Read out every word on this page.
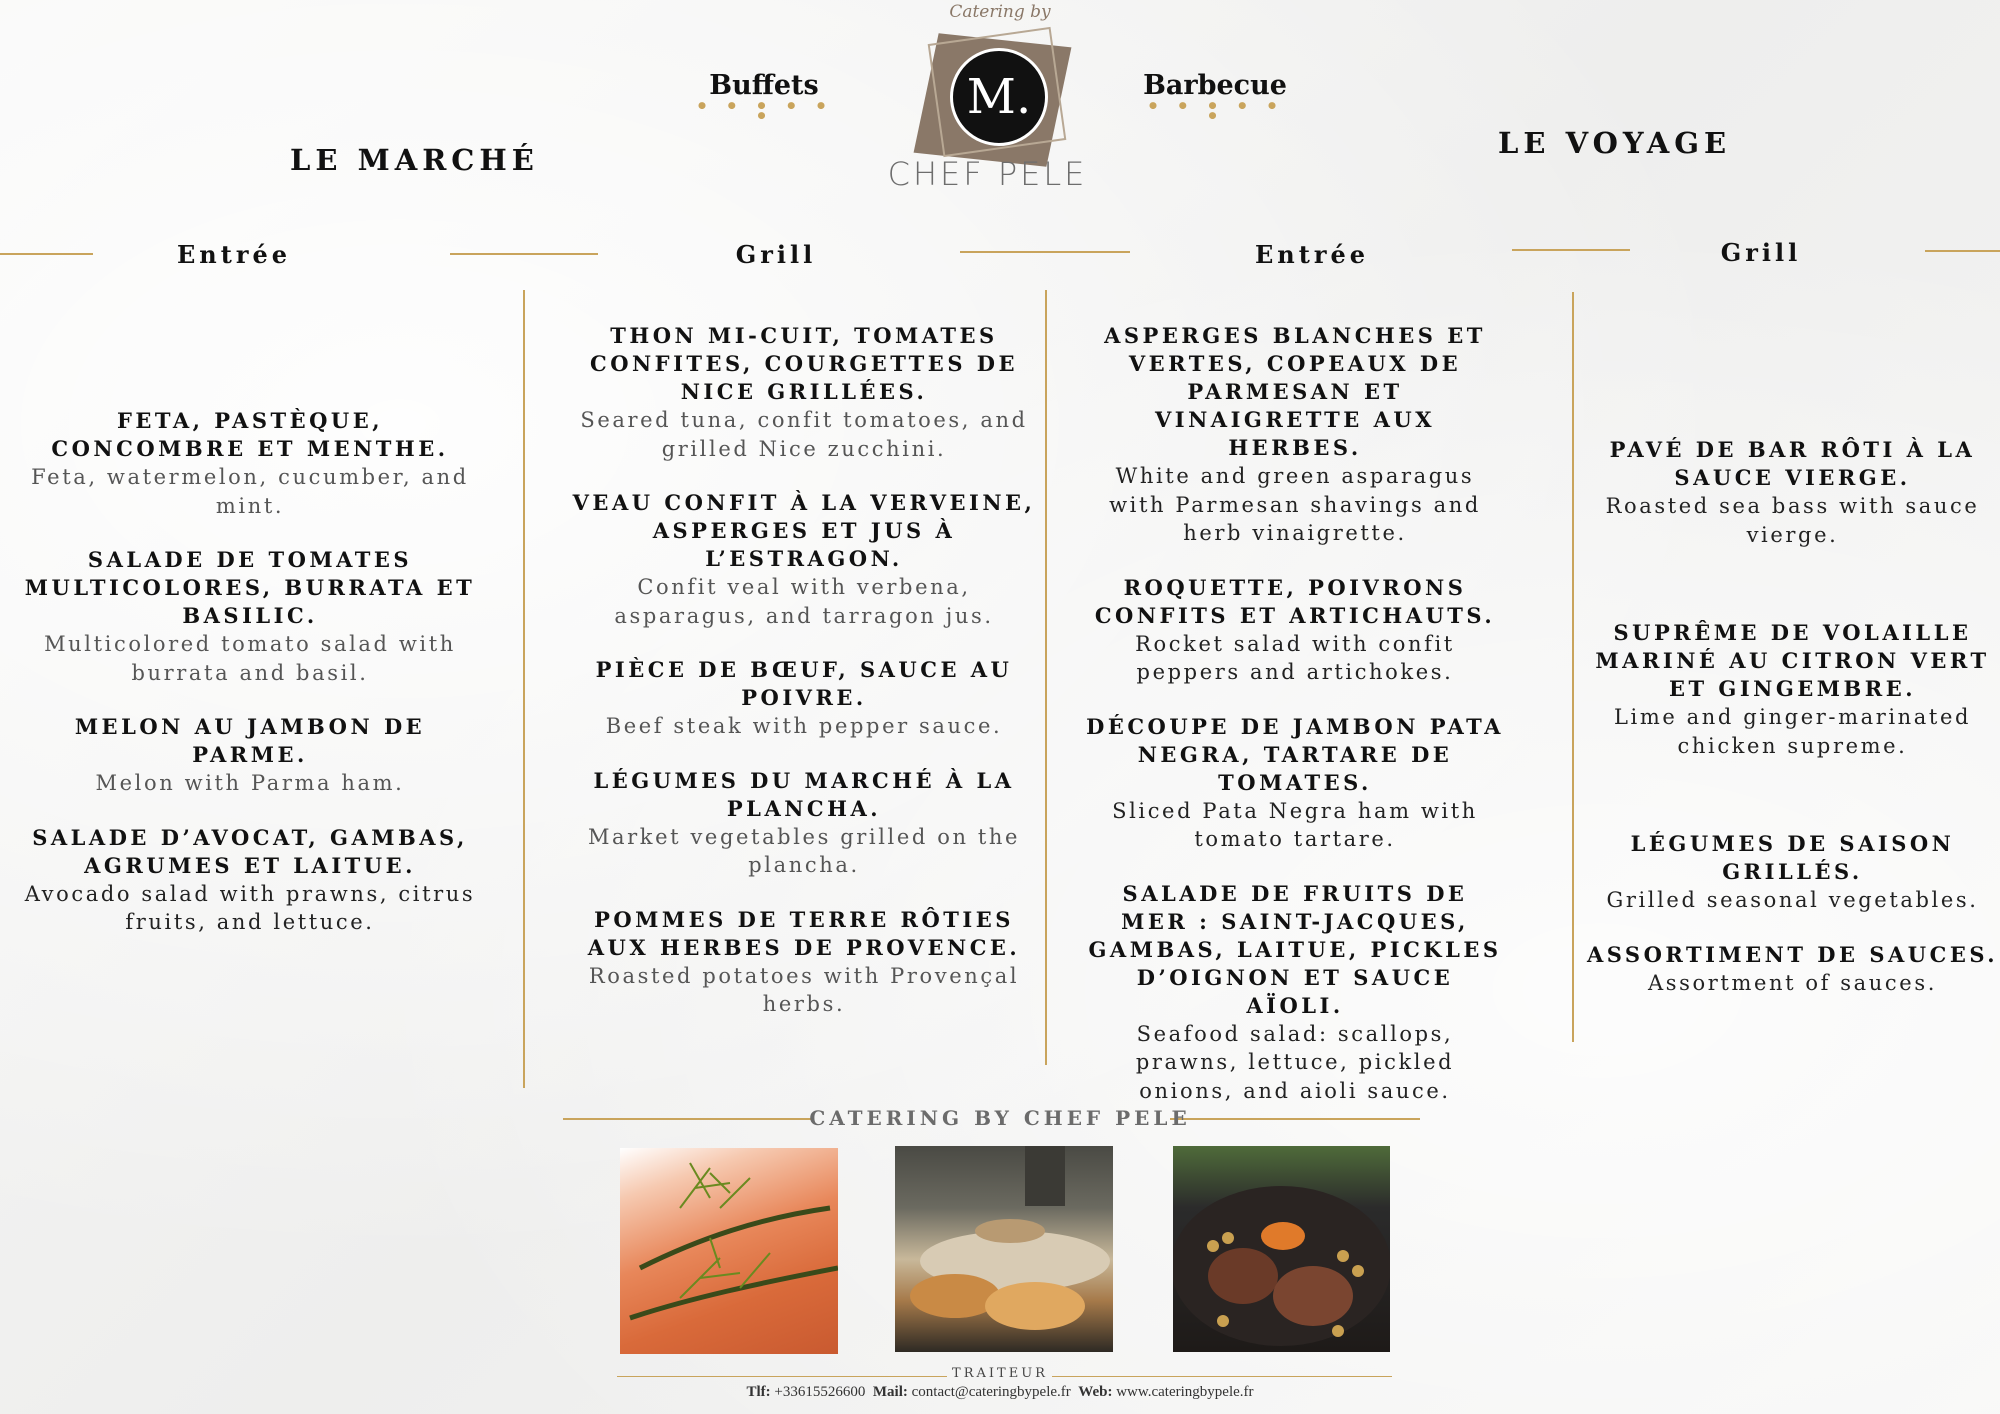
Buffets
• • • • • •
Barbecue
• • • • • •
Catering by
M.
CHEF PELE
LE MARCHÉ	LE VOYAGE
Entrée	Grill	Entrée	Grill
FETA, PASTÈQUE, CONCOMBRE ET MENTHE.
Feta, watermelon, cucumber, and mint.
SALADE DE TOMATES MULTICOLORES, BURRATA ET BASILIC.
Multicolored tomato salad with burrata and basil.
MELON AU JAMBON DE PARME.
Melon with Parma ham.
SALADE D’AVOCAT, GAMBAS, AGRUMES ET LAITUE.
Avocado salad with prawns, citrus fruits, and lettuce.
THON MI-CUIT, TOMATES CONFITES, COURGETTES DE NICE GRILLÉES.
Seared tuna, confit tomatoes, and grilled Nice zucchini.
VEAU CONFIT À LA VERVEINE, ASPERGES ET JUS À L’ESTRAGON.
Confit veal with verbena, asparagus, and tarragon jus.
PIÈCE DE BŒUF, SAUCE AU POIVRE.
Beef steak with pepper sauce.
LÉGUMES DU MARCHÉ À LA PLANCHA.
Market vegetables grilled on the plancha.
POMMES DE TERRE RÔTIES AUX HERBES DE PROVENCE.
Roasted potatoes with Provençal herbs.
ASPERGES BLANCHES ET VERTES, COPEAUX DE PARMESAN ET VINAIGRETTE AUX HERBES.
White and green asparagus with Parmesan shavings and herb vinaigrette.
ROQUETTE, POIVRONS CONFITS ET ARTICHAUTS.
Rocket salad with confit peppers and artichokes.
DÉCOUPE DE JAMBON PATA NEGRA, TARTARE DE TOMATES.
Sliced Pata Negra ham with tomato tartare.
SALADE DE FRUITS DE MER : SAINT-JACQUES, GAMBAS, LAITUE, PICKLES D’OIGNON ET SAUCE AÏOLI.
Seafood salad: scallops, prawns, lettuce, pickled onions, and aioli sauce.
PAVÉ DE BAR RÔTI À LA SAUCE VIERGE.
Roasted sea bass with sauce vierge.
SUPRÊME DE VOLAILLE MARINÉ AU CITRON VERT ET GINGEMBRE.
Lime and ginger-marinated chicken supreme.
LÉGUMES DE SAISON GRILLÉS.
Grilled seasonal vegetables.
ASSORTIMENT DE SAUCES.
Assortment of sauces.
CATERING BY CHEF PELE
TRAITEUR
Tlf: +33615526600 Mail: contact@cateringbypele.fr Web: www.cateringbypele.fr
